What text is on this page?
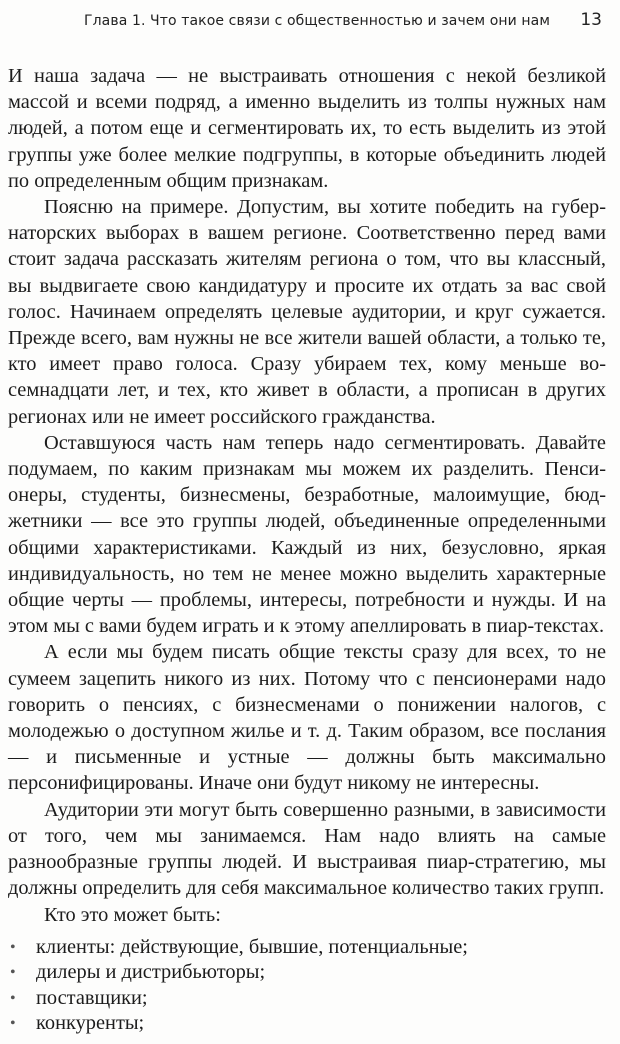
Глава 1. Что такое связи с общественностью и зачем они нам 13

И наша задача — не выстраивать отношения с некой безликой массой и всеми подряд, а именно выделить из толпы нужных нам людей, а потом еще и сегментировать их, то есть выделить из этой группы уже более мелкие подгруппы, в которые объединить людей по определенным общим признакам.

Поясню на примере. Допустим, вы хотите победить на губернаторских выборах в вашем регионе. Соответственно перед вами стоит задача рассказать жителям региона о том, что вы классный, вы выдвигаете свою кандидатуру и просите их отдать за вас свой голос. Начинаем определять целевые аудитории, и круг сужается. Прежде всего, вам нужны не все жители вашей области, а только те, кто имеет право голоса. Сразу убираем тех, кому меньше восемнадцати лет, и тех, кто живет в области, а прописан в других регионах или не имеет российского гражданства.

Оставшуюся часть нам теперь надо сегментировать. Давайте подумаем, по каким признакам мы можем их разделить. Пенсионеры, студенты, бизнесмены, безработные, малоимущие, бюджетники — все это группы людей, объединенные определенными общими характеристиками. Каждый из них, безусловно, яркая индивидуальность, но тем не менее можно выделить характерные общие черты — проблемы, интересы, потребности и нужды. И на этом мы с вами будем играть и к этому апеллировать в пиар-текстах.

А если мы будем писать общие тексты сразу для всех, то не сумеем зацепить никого из них. Потому что с пенсионерами надо говорить о пенсиях, с бизнесменами о понижении налогов, с молодежью о доступном жилье и т. д. Таким образом, все послания — и письменные и устные — должны быть максимально персонифицированы. Иначе они будут никому не интересны.

Аудитории эти могут быть совершенно разными, в зависимости от того, чем мы занимаемся. Нам надо влиять на самые разнообразные группы людей. И выстраивая пиар-стратегию, мы должны определить для себя максимальное количество таких групп.

Кто это может быть:

• клиенты: действующие, бывшие, потенциальные;
• дилеры и дистрибьюторы;
• поставщики;
• конкуренты;
